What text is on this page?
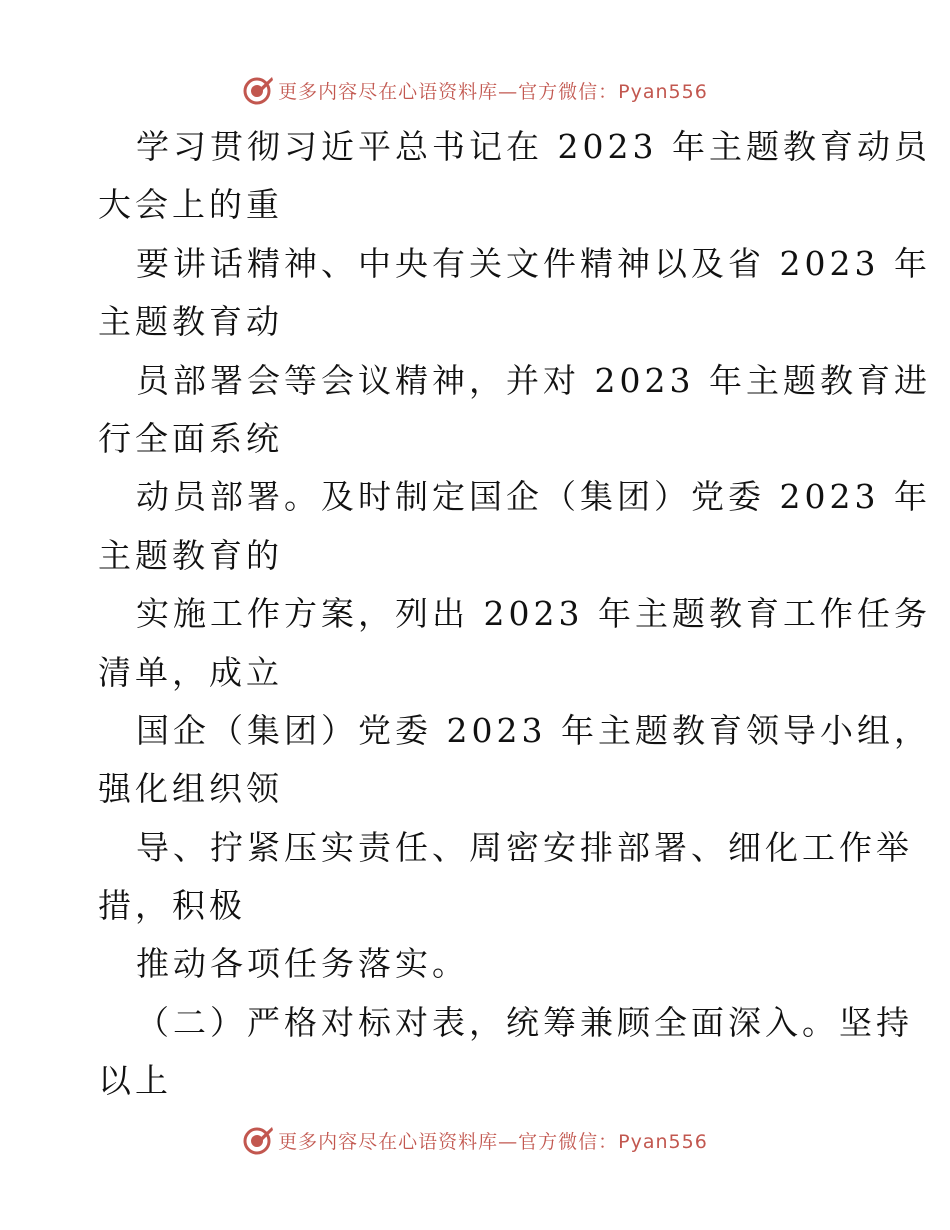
更多内容尽在心语资料库—官方微信：Pyan556

学习贯彻习近平总书记在 2023 年主题教育动员

大会上的重

要讲话精神、中央有关文件精神以及省 2023 年

主题教育动

员部署会等会议精神，并对 2023 年主题教育进

行全面系统

动员部署。及时制定国企（集团）党委 2023 年

主题教育的

实施工作方案，列出 2023 年主题教育工作任务

清单，成立

国企（集团）党委 2023 年主题教育领导小组，

强化组织领

导、拧紧压实责任、周密安排部署、细化工作举

措，积极

推动各项任务落实。

（二）严格对标对表，统筹兼顾全面深入。坚持

以上

更多内容尽在心语资料库—官方微信：Pyan556
